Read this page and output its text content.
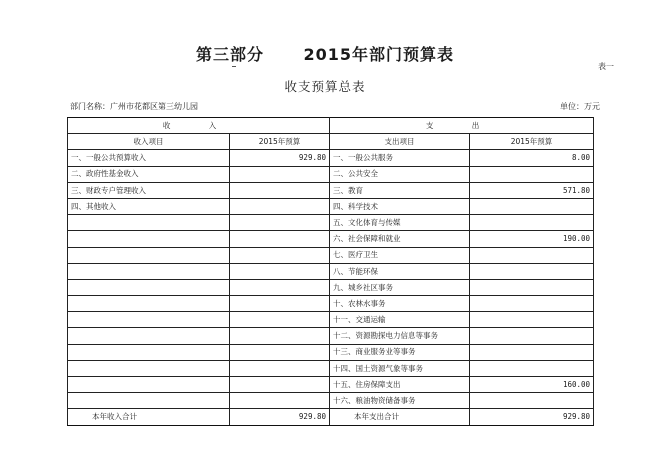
第三部分      2015年部门预算表
表一
收支预算总表
部门名称：广州市花都区第三幼儿园	单位：万元
收 入		支 出	
收入项目	2015年预算	支出项目	2015年预算
一、一般公共预算收入	929.80	一、一般公共服务	8.00
二、政府性基金收入		二、公共安全	
三、财政专户管理收入		三、教育	571.80
四、其他收入		四、科学技术	
		五、文化体育与传媒	
		六、社会保障和就业	190.00
		七、医疗卫生	
		八、节能环保	
		九、城乡社区事务	
		十、农林水事务	
		十一、交通运输	
		十二、资源勘探电力信息等事务	
		十三、商业服务业等事务	
		十四、国土资源气象等事务	
		十五、住房保障支出	160.00
		十六、粮油物资储备事务	
本年收入合计	929.80	本年支出合计	929.80
